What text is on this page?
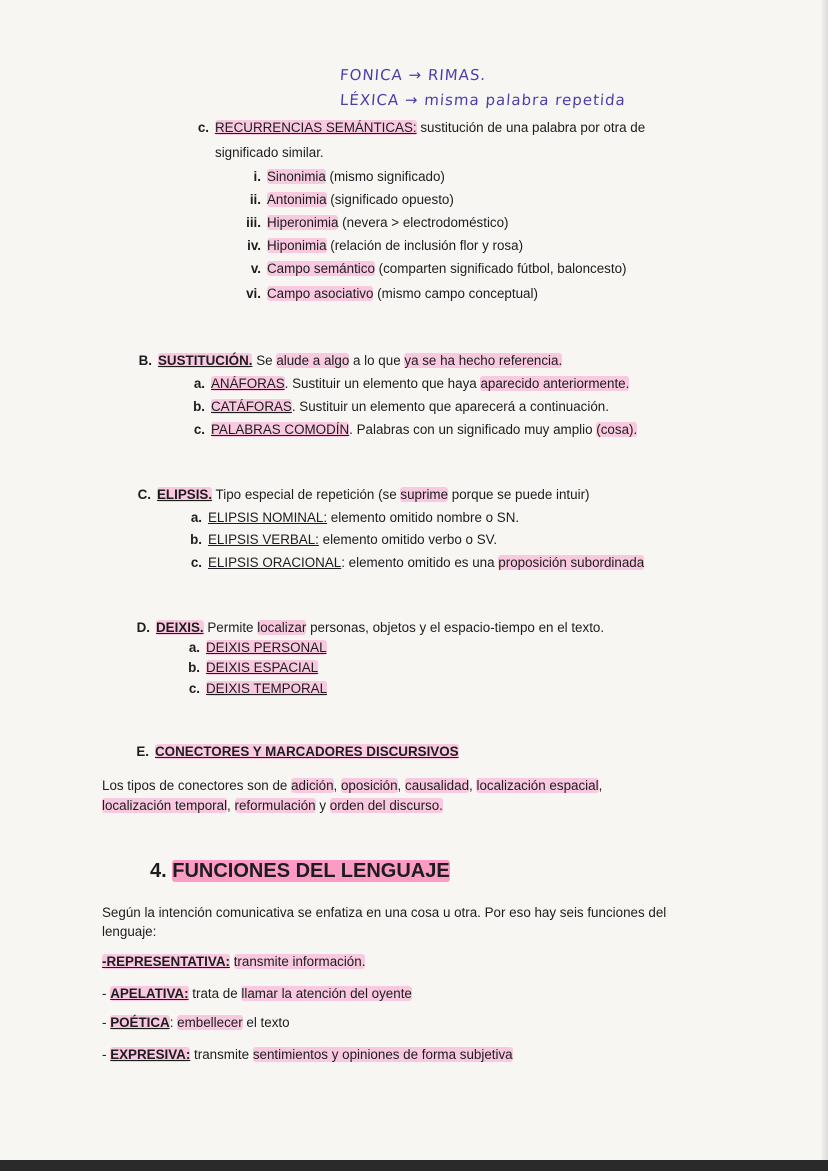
FONICA → RIMAS.
LÉXICA → misma palabra repetida
c. RECURRENCIAS SEMÁNTICAS: sustitución de una palabra por otra de
significado similar.
i. Sinonimia (mismo significado)
ii. Antonimia (significado opuesto)
iii. Hiperonimia (nevera > electrodoméstico)
iv. Hiponimia (relación de inclusión flor y rosa)
v. Campo semántico (comparten significado fútbol, baloncesto)
vi. Campo asociativo (mismo campo conceptual)
B. SUSTITUCIÓN. Se alude a algo a lo que ya se ha hecho referencia.
a. ANÁFORAS. Sustituir un elemento que haya aparecido anteriormente.
b. CATÁFORAS. Sustituir un elemento que aparecerá a continuación.
c. PALABRAS COMODÍN. Palabras con un significado muy amplio (cosa).
C. ELIPSIS. Tipo especial de repetición (se suprime porque se puede intuir)
a. ELIPSIS NOMINAL: elemento omitido nombre o SN.
b. ELIPSIS VERBAL: elemento omitido verbo o SV.
c. ELIPSIS ORACIONAL: elemento omitido es una proposición subordinada
D. DEIXIS. Permite localizar personas, objetos y el espacio-tiempo en el texto.
a. DEIXIS PERSONAL
b. DEIXIS ESPACIAL
c. DEIXIS TEMPORAL
E. CONECTORES Y MARCADORES DISCURSIVOS
Los tipos de conectores son de adición, oposición, causalidad, localización espacial,
localización temporal, reformulación y orden del discurso.
Según la intención comunicativa se enfatiza en una cosa u otra. Por eso hay seis funciones del
lenguaje:
-REPRESENTATIVA: transmite información.
- APELATIVA: trata de llamar la atención del oyente
- POÉTICA: embellecer el texto
- EXPRESIVA: transmite sentimientos y opiniones de forma subjetiva
4. FUNCIONES DEL LENGUAJE
